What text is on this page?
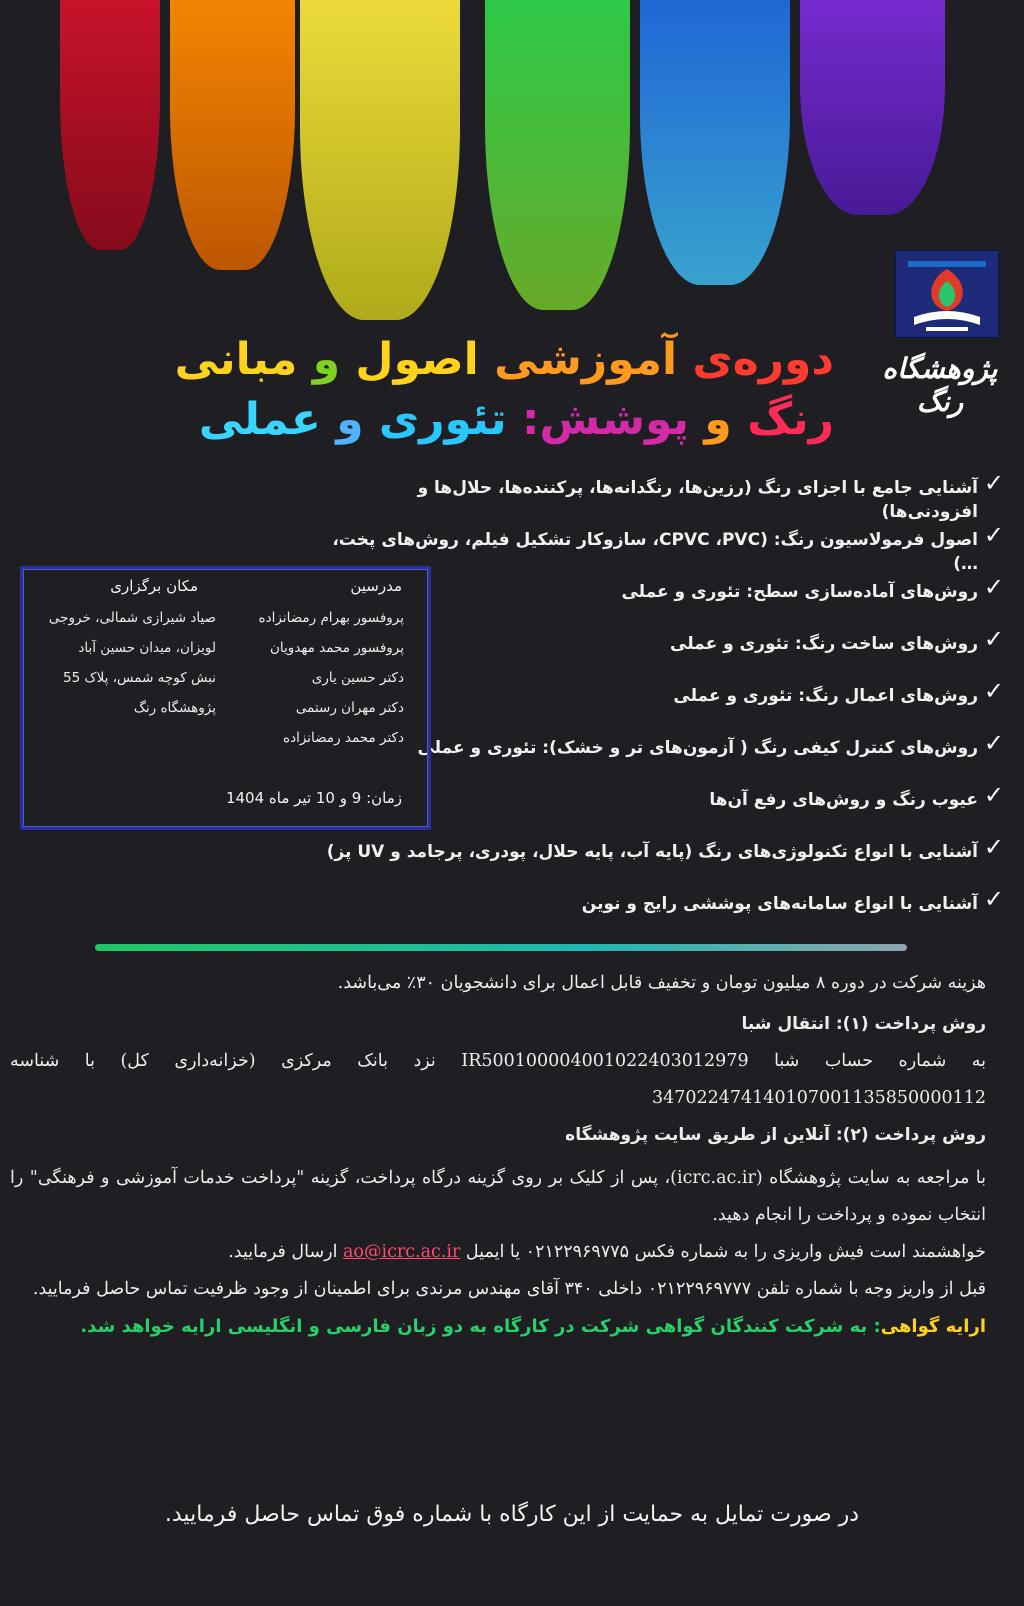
پژوهشگاه رنگ
دوره‌ی آموزشی اصول و مبانی
رنگ و پوشش: تئوری و عملی
✓
آشنایی جامع با اجزای رنگ (رزین‌ها، رنگدانه‌ها، پرکننده‌ها، حلال‌ها و افزودنی‌ها)
✓
اصول فرمولاسیون رنگ: (CPVC ،PVC، سازوکار تشکیل فیلم، روش‌های پخت، …)
✓
روش‌های آماده‌سازی سطح: تئوری و عملی
✓
روش‌های ساخت رنگ: تئوری و عملی
✓
روش‌های اعمال رنگ: تئوری و عملی
✓
روش‌های کنترل کیفی رنگ ( آزمون‌های تر و خشک): تئوری و عملی
✓
عیوب رنگ و روش‌های رفع آن‌ها
✓
آشنایی با انواع تکنولوژی‌های رنگ (پایه آب، پایه حلال، پودری، پرجامد و UV پز)
✓
آشنایی با انواع سامانه‌های پوششی رایج و نوین
مدرسین
مکان برگزاری
پروفسور بهرام رمضانزاده
پروفسور محمد مهدویان
دکتر حسین یاری
دکتر مهران رستمی
دکتر محمد رمضانزاده
صیاد شیرازی شمالی، خروجی
لویزان، میدان حسین آباد
نبش کوچه شمس، پلاک 55
پژوهشگاه رنگ
زمان: 9 و 10 تیر ماه 1404

هزینه شرکت در دوره ۸ میلیون تومان و تخفیف قابل اعمال برای دانشجویان ۳۰٪ می‌باشد.

روش پرداخت (۱): انتقال شبا

به شماره حساب شبا IR500100004001022403012979 نزد بانک مرکزی (خزانه‌داری کل) با شناسه 347022474140107001135850000112

روش پرداخت (۲): آنلاین از طریق سایت پژوهشگاه

با مراجعه به سایت پژوهشگاه (icrc.ac.ir)، پس از کلیک بر روی گزینه درگاه پرداخت، گزینه "پرداخت خدمات آموزشی و فرهنگی" را انتخاب نموده و پرداخت را انجام دهید.

خواهشمند است فیش واریزی را به شماره فکس ۰۲۱۲۲۹۶۹۷۷۵ یا ایمیل ao@icrc.ac.ir ارسال فرمایید.

قبل از واریز وجه با شماره تلفن ۰۲۱۲۲۹۶۹۷۷۷ داخلی ۳۴۰ آقای مهندس مرندی برای اطمینان از وجود ظرفیت تماس حاصل فرمایید.

ارایه گواهی: به شرکت کنندگان گواهی شرکت در کارگاه به دو زبان فارسی و انگلیسی ارایه خواهد شد.

در صورت تمایل به حمایت از این کارگاه با شماره فوق تماس حاصل فرمایید.
